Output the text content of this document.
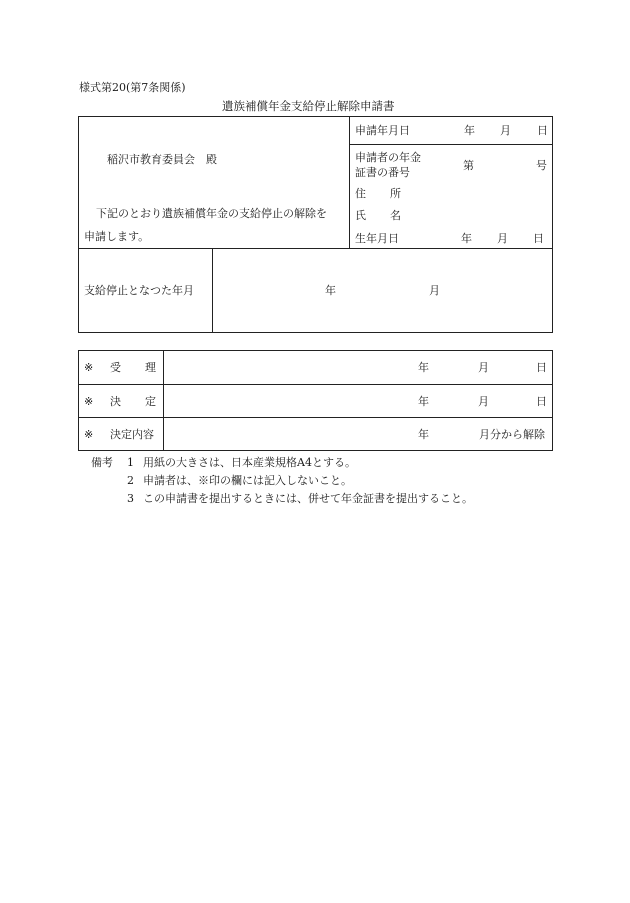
様式第20(第7条関係)
遺族補償年金支給停止解除申請書
稲沢市教育委員会　殿
下記のとおり遺族補償年金の支給停止の解除を
申請します。
申請年月日	年 月 日
申請者の年金
証書の番号
第	号
住 所
氏 名
生年月日	年 月 日
支給停止となつた年月	年	月
※ 受 理	年	月	日
※ 決 定	年	月	日
※ 決定内容	年	月分から解除
備考 1 用紙の大きさは、日本産業規格A4とする。
2 申請者は、※印の欄には記入しないこと。
3 この申請書を提出するときには、併せて年金証書を提出すること。
